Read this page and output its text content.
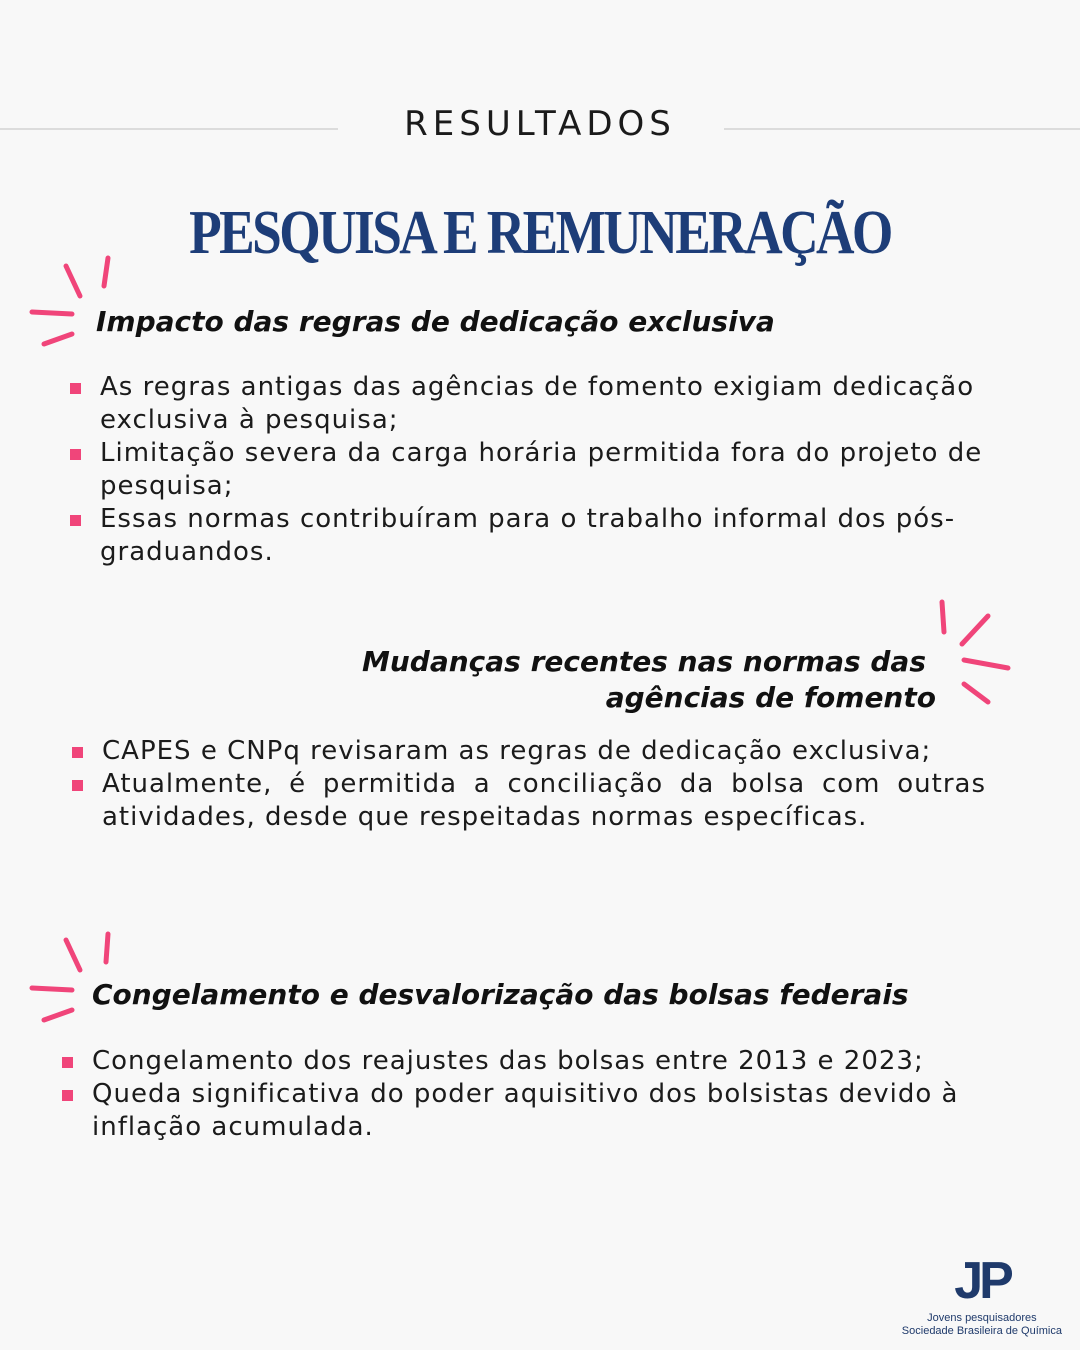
RESULTADOS
PESQUISA E REMUNERAÇÃO
Impacto das regras de dedicação exclusiva
As regras antigas das agências de fomento exigiam dedicação exclusiva à pesquisa;
Limitação severa da carga horária permitida fora do projeto de pesquisa;
Essas normas contribuíram para o trabalho informal dos pós-graduandos.
Mudanças recentes nas normas das
agências de fomento
CAPES e CNPq revisaram as regras de dedicação exclusiva;
Atualmente, é permitida a conciliação da bolsa com outras atividades, desde que respeitadas normas específicas.
Congelamento e desvalorização das bolsas federais
Congelamento dos reajustes das bolsas entre 2013 e 2023;
Queda significativa do poder aquisitivo dos bolsistas devido à inflação acumulada.
JP
Jovens pesquisadores
Sociedade Brasileira de Química
